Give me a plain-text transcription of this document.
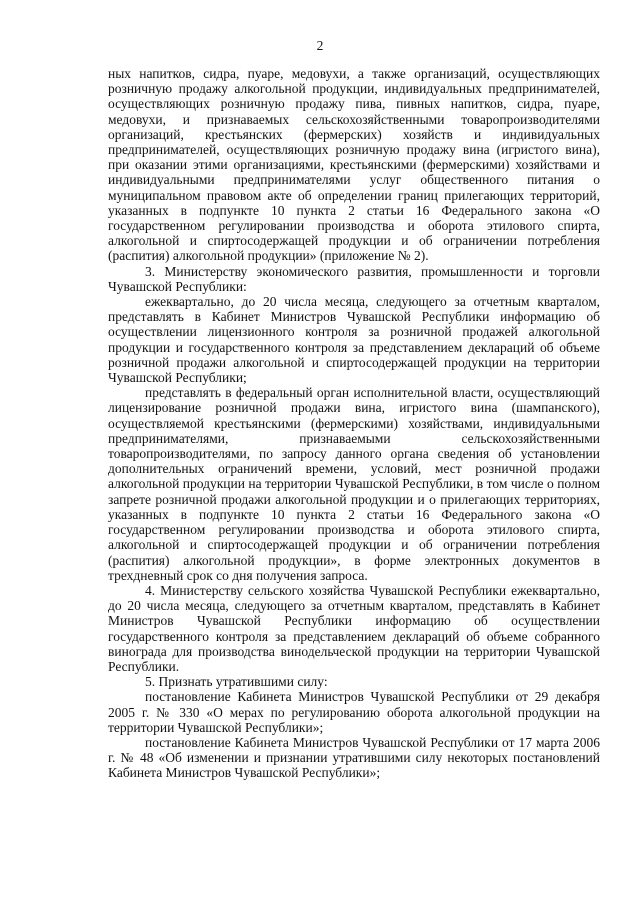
2

ных напитков, сидра, пуаре, медовухи, а также организаций, осуществляющих розничную продажу алкогольной продукции, индивидуальных предпринимателей, осуществляющих розничную продажу пива, пивных напитков, сидра, пуаре, медовухи, и признаваемых сельскохозяйственными товаропроизводителями организаций, крестьянских (фермерских) хозяйств и индивидуальных предпринимателей, осуществляющих розничную продажу вина (игристого вина), при оказании этими организациями, крестьянскими (фермерскими) хозяйствами и индивидуальными предпринимателями услуг общественного питания о муниципальном правовом акте об определении границ прилегающих территорий, указанных в подпункте 10 пункта 2 статьи 16 Федерального закона «О государственном регулировании производства и оборота этилового спирта, алкогольной и спиртосодержащей продукции и об ограничении потребления (распития) алкогольной продукции» (приложение № 2).

3. Министерству экономического развития, промышленности и торговли Чувашской Республики:

ежеквартально, до 20 числа месяца, следующего за отчетным кварталом, представлять в Кабинет Министров Чувашской Республики информацию об осуществлении лицензионного контроля за розничной продажей алкогольной продукции и государственного контроля за представлением деклараций об объеме розничной продажи алкогольной и спиртосодержащей продукции на территории Чувашской Республики;

представлять в федеральный орган исполнительной власти, осуществляющий лицензирование розничной продажи вина, игристого вина (шампанского), осуществляемой крестьянскими (фермерскими) хозяйствами, индивидуальными предпринимателями, признаваемыми сельскохозяйственными товаропроизводителями, по запросу данного органа сведения об установлении дополнительных ограничений времени, условий, мест розничной продажи алкогольной продукции на территории Чувашской Республики, в том числе о полном запрете розничной продажи алкогольной продукции и о прилегающих территориях, указанных в подпункте 10 пункта 2 статьи 16 Федерального закона «О государственном регулировании производства и оборота этилового спирта, алкогольной и спиртосодержащей продукции и об ограничении потребления (распития) алкогольной продукции», в форме электронных документов в трехдневный срок со дня получения запроса.

4. Министерству сельского хозяйства Чувашской Республики ежеквартально, до 20 числа месяца, следующего за отчетным кварталом, представлять в Кабинет Министров Чувашской Республики информацию об осуществлении государственного контроля за представлением деклараций об объеме собранного винограда для производства винодельческой продукции на территории Чувашской Республики.

5. Признать утратившими силу:

постановление Кабинета Министров Чувашской Республики от 29 декабря 2005 г. № 330 «О мерах по регулированию оборота алкогольной продукции на территории Чувашской Республики»;

постановление Кабинета Министров Чувашской Республики от 17 марта 2006 г. № 48 «Об изменении и признании утратившими силу некоторых постановлений Кабинета Министров Чувашской Республики»;
